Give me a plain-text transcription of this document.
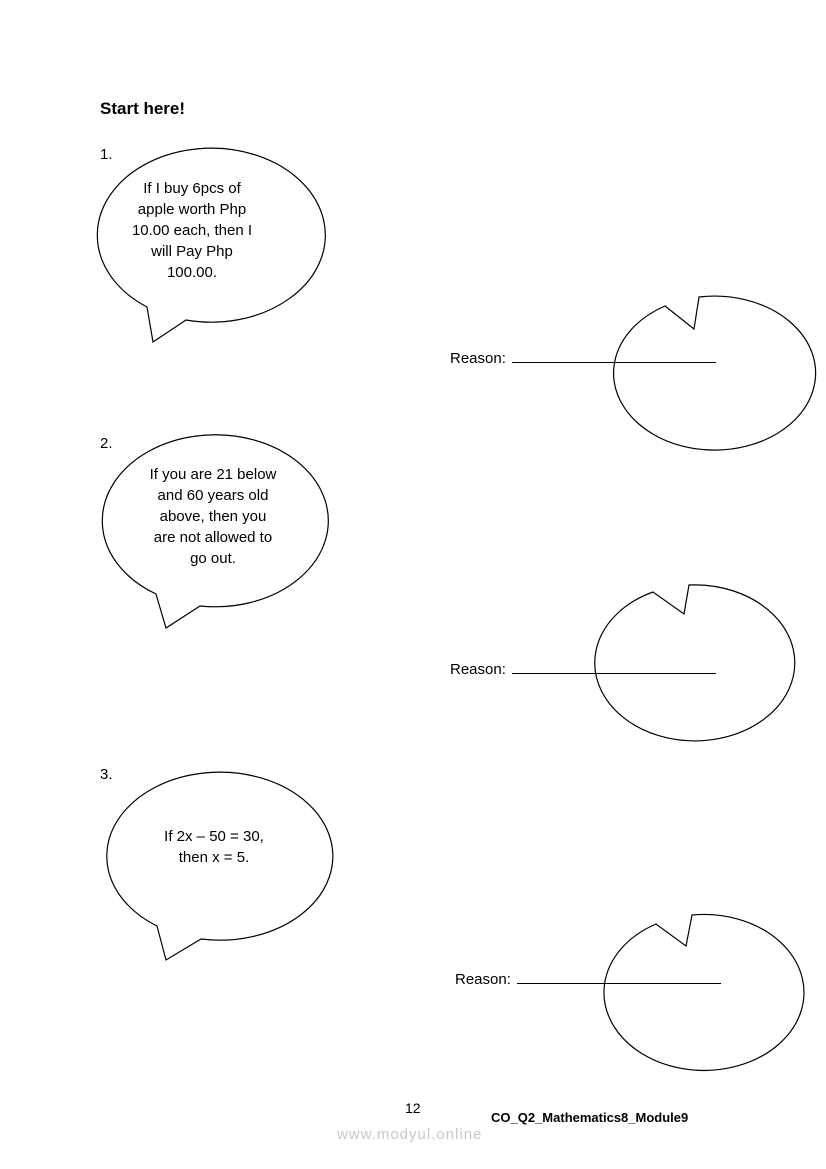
Start here!
1.
2.
3.
If I buy 6pcs of
apple worth Php
10.00 each, then I
will Pay Php
100.00.
If you are 21 below
and 60 years old
above, then you
are not allowed to
go out.
If 2x – 50 = 30,
then x = 5.
Reason:
Reason:
Reason:
12
CO_Q2_Mathematics8_Module9
www.modyul.online
